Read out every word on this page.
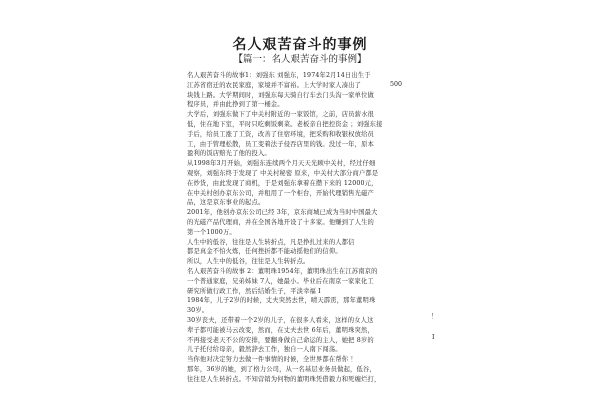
名人艰苦奋斗的事例
【篇一：名人艰苦奋斗的事例】
500
！
I
名人艰苦奋斗的故事1：刘强东 刘强东，1974年2月14日出生于
江苏省宿迁的农民家庭，家境并不富裕。上大学时家人凑出了
块钱上路。大学期间时，刘强东每天骑自行车去门头沟一家单位做
程序员，并由此挣到了第一桶金。
大学后，刘强东做下了中关村附近的一家饭馆，之前，店员薪水很
低，住在地下室，平时只吃剩饭剩菜。老板亲自把控资金 ；刘强东接
手后，给员工涨了工资，改善了住宿环境，把采购和收银权放给员
工，由于管理松散，员工变着法子侵吞店里的钱。没过一年，原本
盈利的饭店赔光了他的投入。
从1998年3月开始，刘强东连续两个月天天光顾中关村，经过仔细
观察，刘强东终于发现了 中关村秘密 原来，中关村大部分商户都是
在炒货，由此发现了商机，于是刘强东拿着在攒下来的 12000元，
在中关村创办京东公司，并租用了一个柜台，开始代理销售光磁产
品，这是京东事业的起点。
2001年，他创办京东公司已经 3年，京东商城已成为当时中国最大
的光磁产品代理商，并在全国各地开设了十多家。他赚到了人生的
第一个1000万。
人生中的低谷，往往是人生转折点，凡是挣扎过来的人都信
都是真金不怕火炼，任何挫折都不能动摇他们的信仰。
所以，人生中的低谷，往往是人生转折点。
名人艰苦奋斗的故事 2：董明珠1954年，董明珠出生在江苏南京的
一个普通家庭，兄弟姊妹 7人，她最小。毕业后在南京一家家化工
研究所做行政工作，然后结婚生子，平淡幸福 I
1984年，儿子2岁的时候，丈夫突然去世，晴天霹雳，那年董明珠
30岁。
30岁丧夫，还带着一个2岁的儿子，在很多人看来，这样的女人这
辈子都可能被马云改变，然而，在丈夫去世 6年后，董明珠突然，
不再接受老天不公的安排，要翻身做自己命运的主人，她把 8岁的
儿子托付给母亲，毅然辞去工作，独自一人南下闯荡。
当你他对决定努力去做一件事情的时候，全世界都在帮你 ！
那年，36岁的她，到了格力公司，从一名基层业务员做起，低谷，
往往是人生转折点。不知营销为何物的董明珠凭借毅力和死缠烂打，
